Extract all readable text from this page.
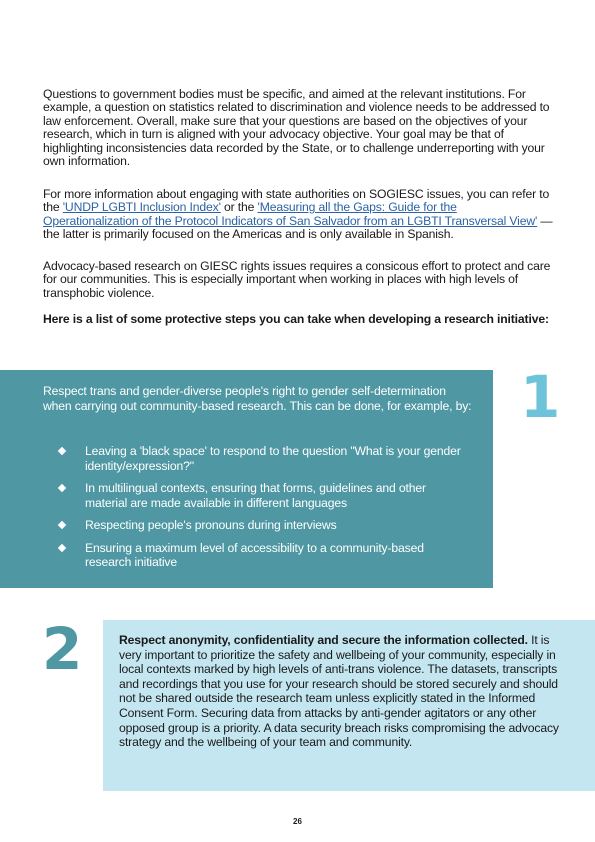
Questions to government bodies must be specific, and aimed at the relevant institutions. For example, a question on statistics related to discrimination and violence needs to be addressed to law enforcement. Overall, make sure that your questions are based on the objectives of your research, which in turn is aligned with your advocacy objective. Your goal may be that of highlighting inconsistencies data recorded by the State, or to challenge underreporting with your own information.

For more information about engaging with state authorities on SOGIESC issues, you can refer to the 'UNDP LGBTI Inclusion Index' or the 'Measuring all the Gaps: Guide for the Operationalization of the Protocol Indicators of San Salvador from an LGBTI Transversal View' — the latter is primarily focused on the Americas and is only available in Spanish.

Advocacy-based research on GIESC rights issues requires a consicous effort to protect and care for our communities. This is especially important when working in places with high levels of transphobic violence.

Here is a list of some protective steps you can take when developing a research initiative:

Respect trans and gender-diverse people's right to gender self-determination when carrying out community-based research. This can be done, for example, by:

Leaving a 'black space' to respond to the question "What is your gender identity/expression?"
In multilingual contexts, ensuring that forms, guidelines and other material are made available in different languages
Respecting people's pronouns during interviews
Ensuring a maximum level of accessibility to a community-based research initiative
1
2	Respect anonymity, confidentiality and secure the information collected. It is very important to prioritize the safety and wellbeing of your community, especially in local contexts marked by high levels of anti-trans violence. The datasets, transcripts and recordings that you use for your research should be stored securely and should not be shared outside the research team unless explicitly stated in the Informed Consent Form. Securing data from attacks by anti-gender agitators or any other opposed group is a priority. A data security breach risks compromising the advocacy strategy and the wellbeing of your team and community.

26
